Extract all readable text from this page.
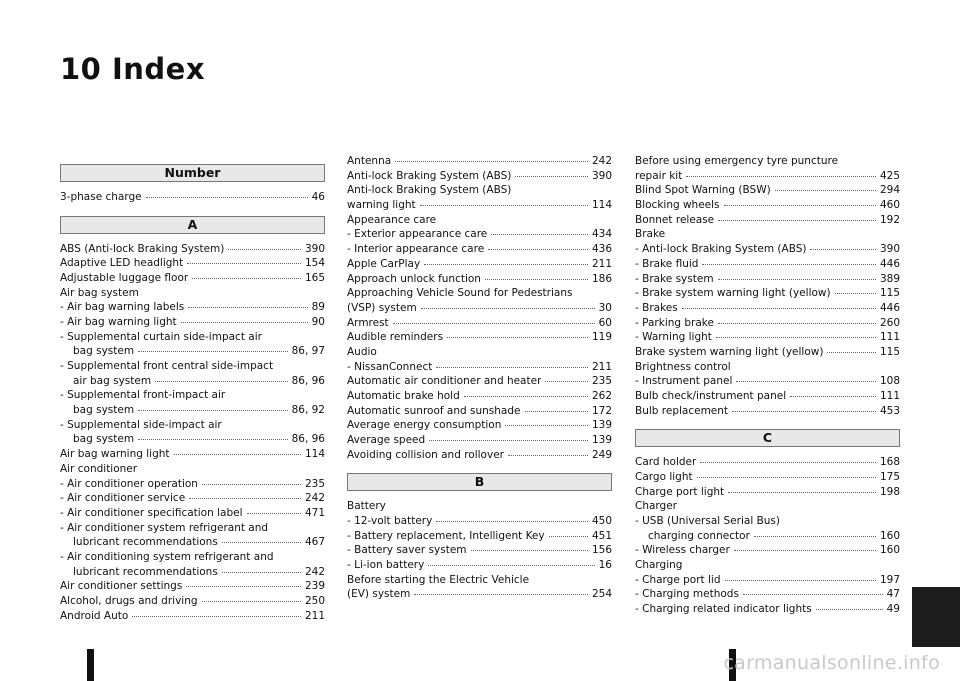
10 Index
Number
3-phase charge	46
A
ABS (Anti-lock Braking System)	390
Adaptive LED headlight	154
Adjustable luggage floor	165
Air bag system
- Air bag warning labels	89
- Air bag warning light	90
- Supplemental curtain side-impact air
bag system	86, 97
- Supplemental front central side-impact
air bag system	86, 96
- Supplemental front-impact air
bag system	86, 92
- Supplemental side-impact air
bag system	86, 96
Air bag warning light	114
Air conditioner
- Air conditioner operation	235
- Air conditioner service	242
- Air conditioner specification label	471
- Air conditioner system refrigerant and
lubricant recommendations	467
- Air conditioning system refrigerant and
lubricant recommendations	242
Air conditioner settings	239
Alcohol, drugs and driving	250
Android Auto	211
Antenna	242
Anti-lock Braking System (ABS)	390
Anti-lock Braking System (ABS)
warning light	114
Appearance care
- Exterior appearance care	434
- Interior appearance care	436
Apple CarPlay	211
Approach unlock function	186
Approaching Vehicle Sound for Pedestrians
(VSP) system	30
Armrest	60
Audible reminders	119
Audio
- NissanConnect	211
Automatic air conditioner and heater	235
Automatic brake hold	262
Automatic sunroof and sunshade	172
Average energy consumption	139
Average speed	139
Avoiding collision and rollover	249
B
Battery
- 12-volt battery	450
- Battery replacement, Intelligent Key	451
- Battery saver system	156
- Li-ion battery	16
Before starting the Electric Vehicle
(EV) system	254
Before using emergency tyre puncture
repair kit	425
Blind Spot Warning (BSW)	294
Blocking wheels	460
Bonnet release	192
Brake
- Anti-lock Braking System (ABS)	390
- Brake fluid	446
- Brake system	389
- Brake system warning light (yellow)	115
- Brakes	446
- Parking brake	260
- Warning light	111
Brake system warning light (yellow)	115
Brightness control
- Instrument panel	108
Bulb check/instrument panel	111
Bulb replacement	453
C
Card holder	168
Cargo light	175
Charge port light	198
Charger
- USB (Universal Serial Bus)
charging connector	160
- Wireless charger	160
Charging
- Charge port lid	197
- Charging methods	47
- Charging related indicator lights	49
carmanualsonline.info
